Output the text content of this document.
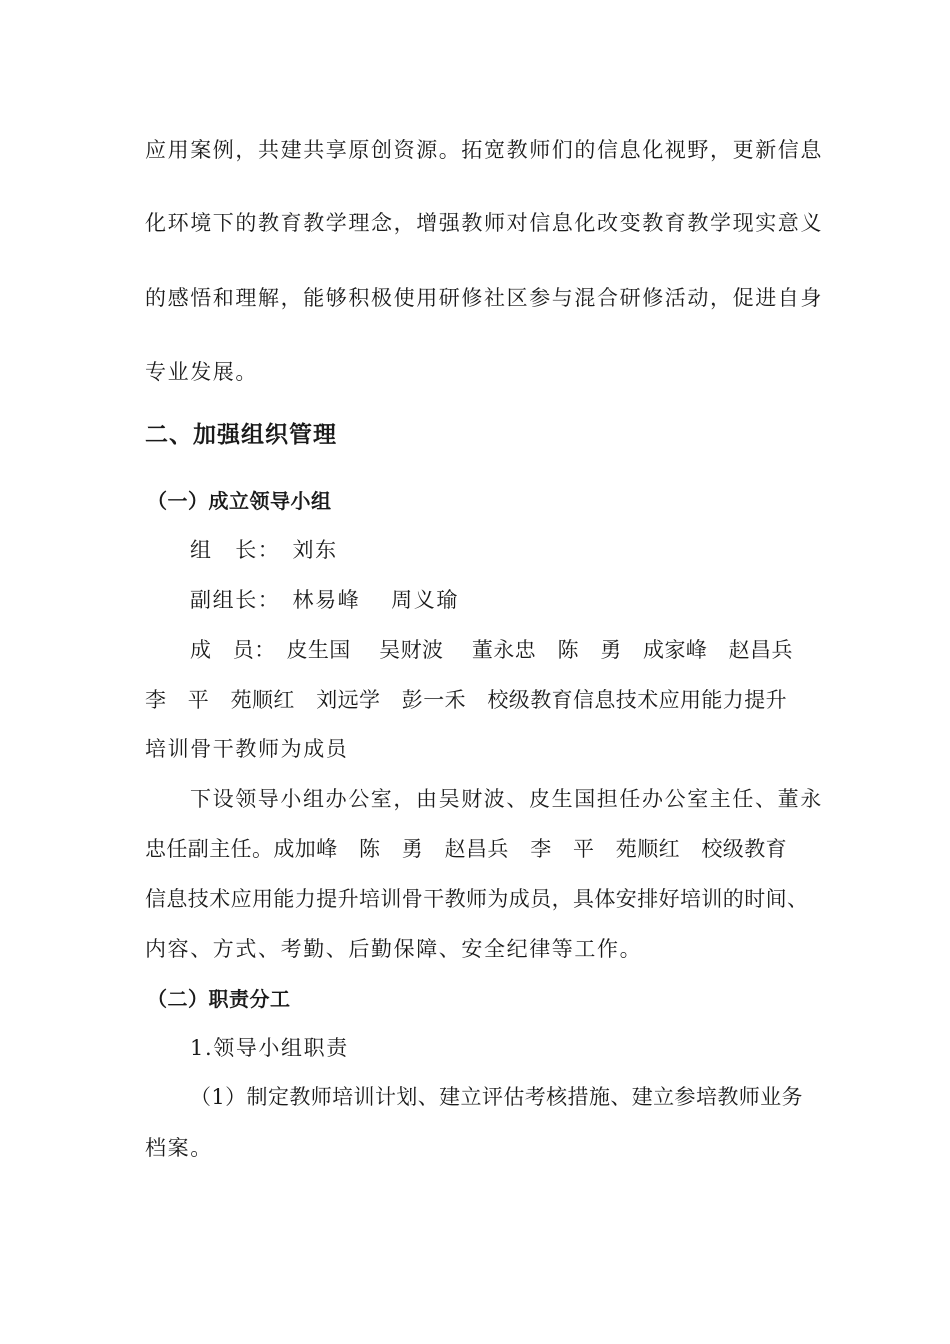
应用案例，共建共享原创资源。拓宽教师们的信息化视野，更新信息
化环境下的教育教学理念，增强教师对信息化改变教育教学现实意义
的感悟和理解，能够积极使用研修社区参与混合研修活动，促进自身
专业发展。
二、加强组织管理
（一）成立领导小组
组　长：　刘东
副组长：　林易峰　 周义瑜
成　员：　皮生国　 吴财波　 董永忠　陈　勇　成家峰　赵昌兵
李　平　苑顺红　刘远学　彭一禾　校级教育信息技术应用能力提升
培训骨干教师为成员
下设领导小组办公室，由吴财波、皮生国担任办公室主任、董永
忠任副主任。成加峰　陈　勇　赵昌兵　李　平　苑顺红　校级教育
信息技术应用能力提升培训骨干教师为成员，具体安排好培训的时间、
内容、方式、考勤、后勤保障、安全纪律等工作。
（二）职责分工
1.领导小组职责
（1）制定教师培训计划、建立评估考核措施、建立参培教师业务
档案。
